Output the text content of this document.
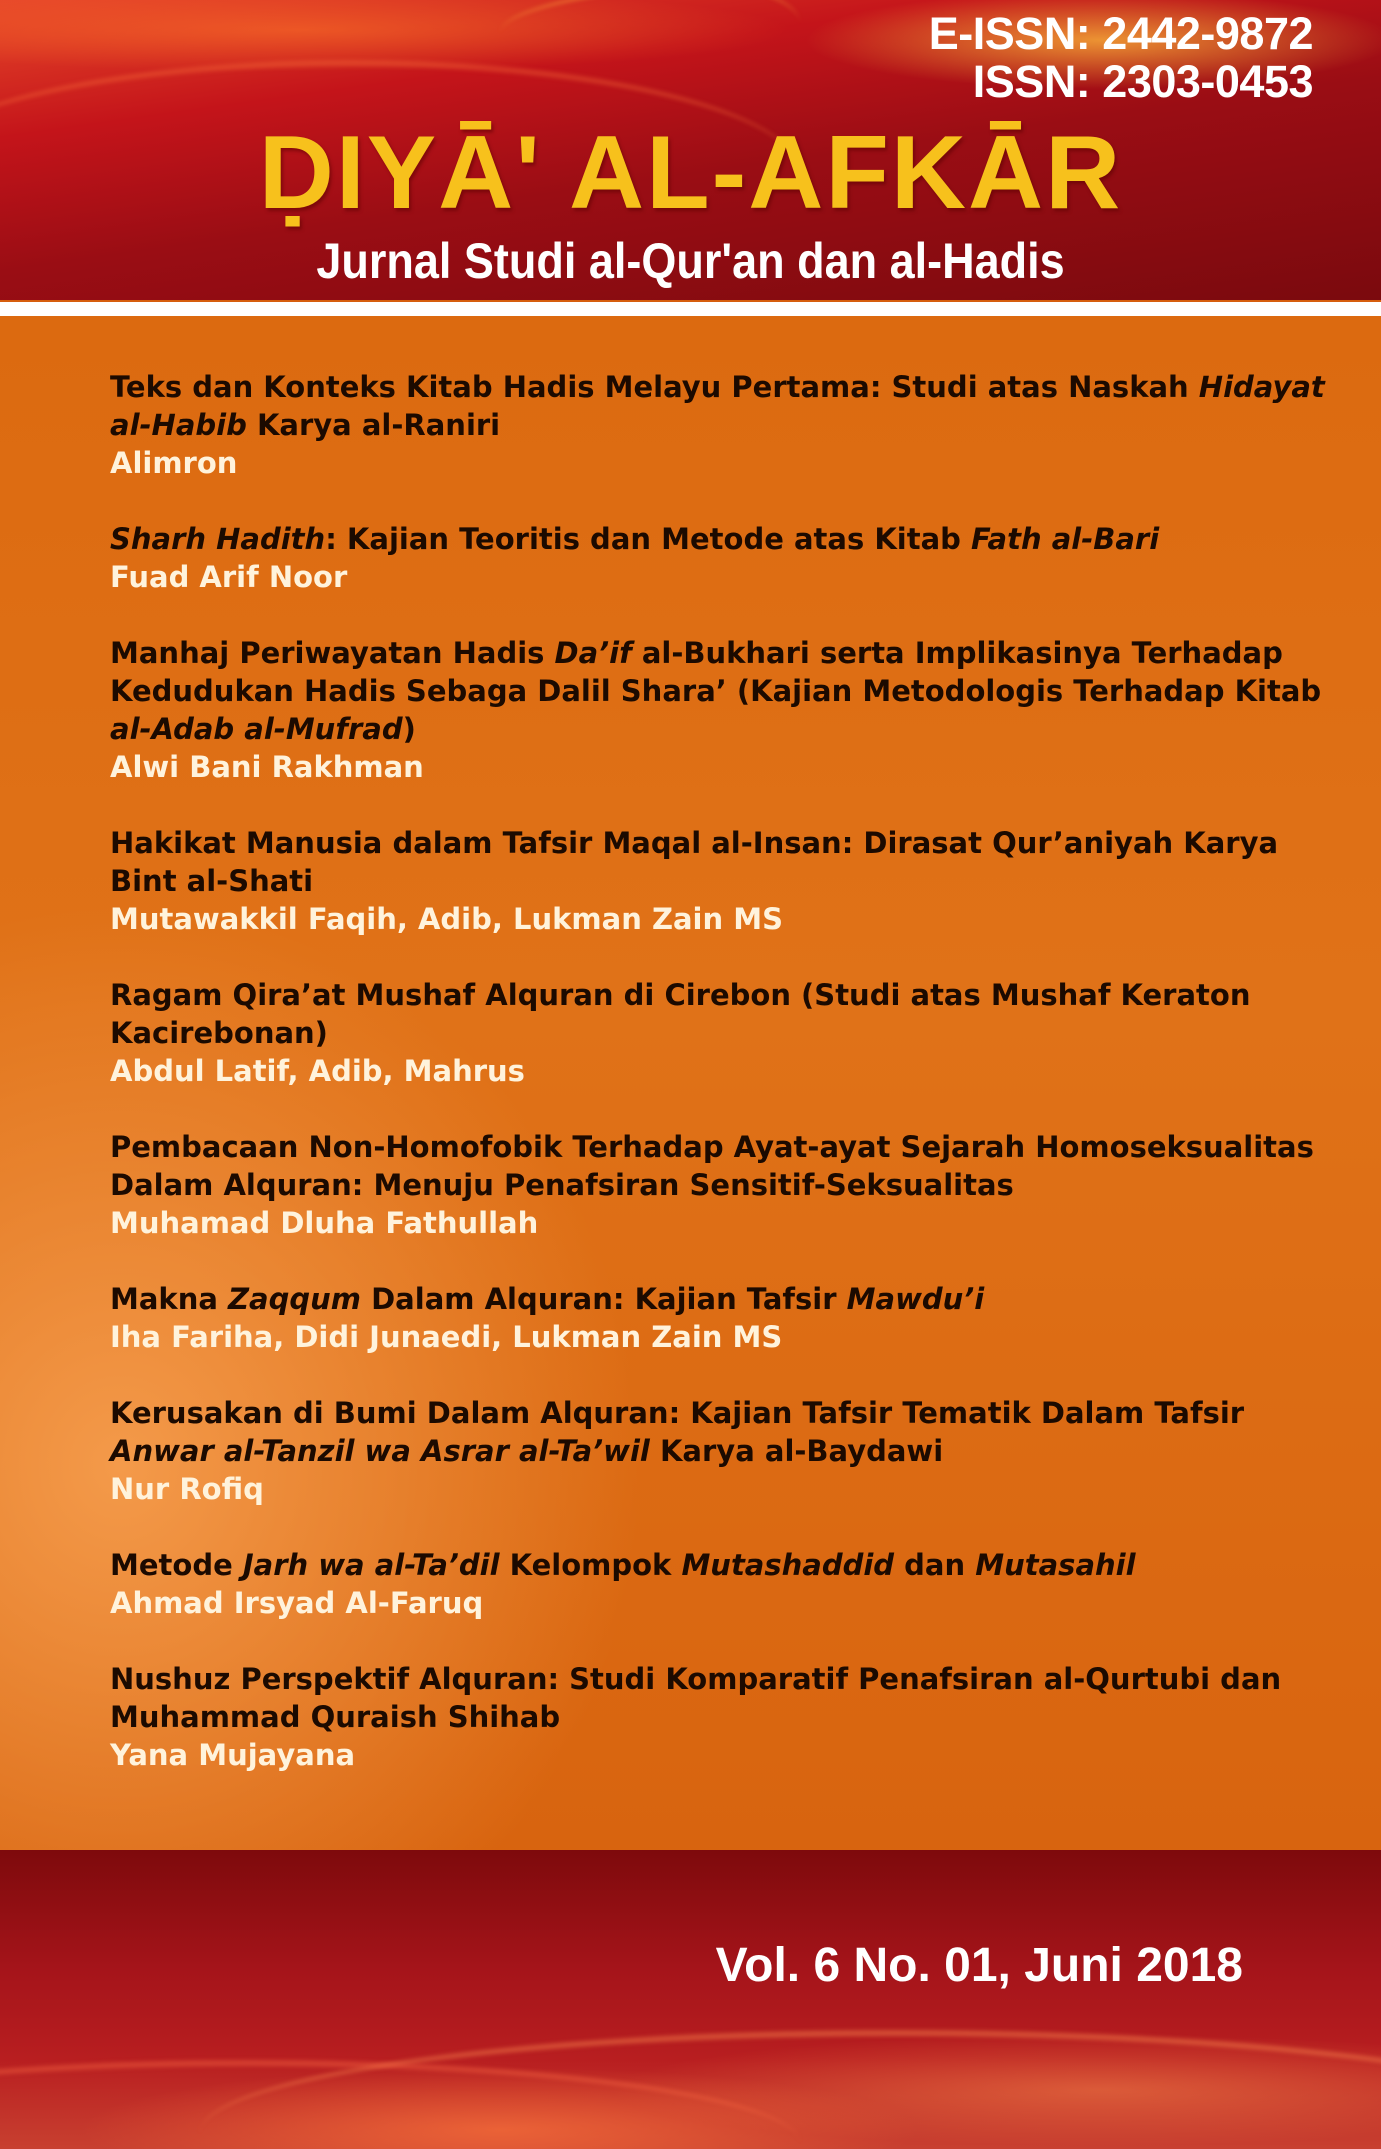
E-ISSN: 2442-9872
ISSN: 2303-0453
ḌIYĀ' AL-AFKĀR
Jurnal Studi al-Qur'an dan al-Hadis
Teks dan Konteks Kitab Hadis Melayu Pertama: Studi atas Naskah Hidayat al-Habib Karya al-Raniri
Alimron
Sharh Hadith: Kajian Teoritis dan Metode atas Kitab Fath al-Bari
Fuad Arif Noor
Manhaj Periwayatan Hadis Da’if al-Bukhari serta Implikasinya Terhadap Kedudukan Hadis Sebaga Dalil Shara’ (Kajian Metodologis Terhadap Kitab al-Adab al-Mufrad)
Alwi Bani Rakhman
Hakikat Manusia dalam Tafsir Maqal al-Insan: Dirasat Qur’aniyah Karya Bint al-Shati
Mutawakkil Faqih, Adib, Lukman Zain MS
Ragam Qira’at Mushaf Alquran di Cirebon (Studi atas Mushaf Keraton Kacirebonan)
Abdul Latif, Adib, Mahrus
Pembacaan Non-Homofobik Terhadap Ayat-ayat Sejarah Homoseksualitas Dalam Alquran: Menuju Penafsiran Sensitif-Seksualitas
Muhamad Dluha Fathullah
Makna Zaqqum Dalam Alquran: Kajian Tafsir Mawdu’i
Iha Fariha, Didi Junaedi, Lukman Zain MS
Kerusakan di Bumi Dalam Alquran: Kajian Tafsir Tematik Dalam Tafsir Anwar al-Tanzil wa Asrar al-Ta’wil Karya al-Baydawi
Nur Rofiq
Metode Jarh wa al-Ta’dil Kelompok Mutashaddid dan Mutasahil
Ahmad Irsyad Al-Faruq
Nushuz Perspektif Alquran: Studi Komparatif Penafsiran al-Qurtubi dan Muhammad Quraish Shihab
Yana Mujayana
Vol. 6 No. 01, Juni 2018
